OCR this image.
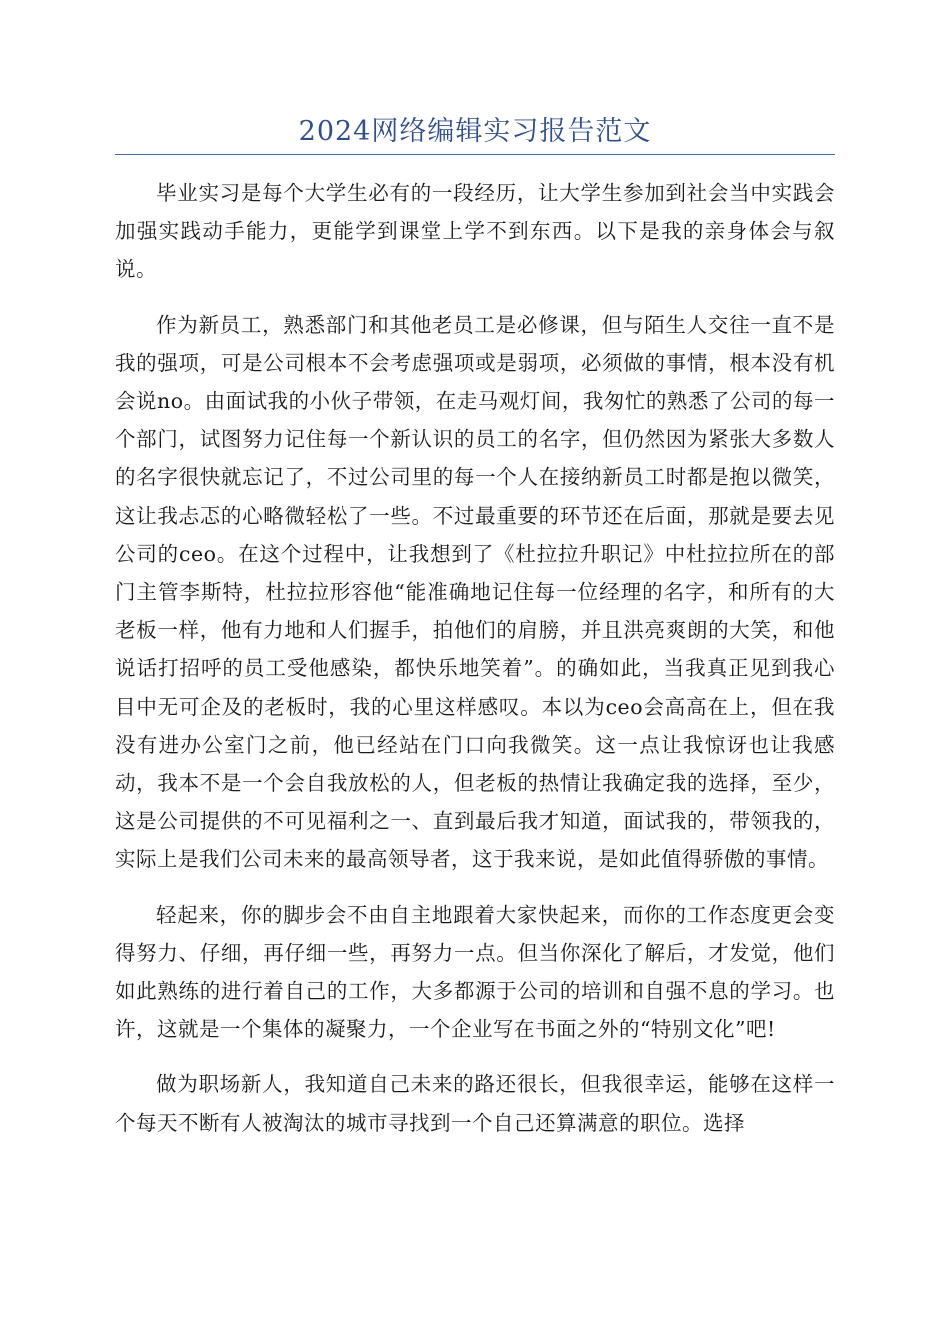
2024网络编辑实习报告范文

毕业实习是每个大学生必有的一段经历，让大学生参加到社会当中实践会加强实践动手能力，更能学到课堂上学不到东西。以下是我的亲身体会与叙说。

作为新员工，熟悉部门和其他老员工是必修课，但与陌生人交往一直不是我的强项，可是公司根本不会考虑强项或是弱项，必须做的事情，根本没有机会说no。由面试我的小伙子带领，在走马观灯间，我匆忙的熟悉了公司的每一个部门，试图努力记住每一个新认识的员工的名字，但仍然因为紧张大多数人的名字很快就忘记了，不过公司里的每一个人在接纳新员工时都是抱以微笑，这让我忐忑的心略微轻松了一些。不过最重要的环节还在后面，那就是要去见公司的ceo。在这个过程中，让我想到了《杜拉拉升职记》中杜拉拉所在的部门主管李斯特，杜拉拉形容他“能准确地记住每一位经理的名字，和所有的大老板一样，他有力地和人们握手，拍他们的肩膀，并且洪亮爽朗的大笑，和他说话打招呼的员工受他感染，都快乐地笑着”。的确如此，当我真正见到我心目中无可企及的老板时，我的心里这样感叹。本以为ceo会高高在上，但在我没有进办公室门之前，他已经站在门口向我微笑。这一点让我惊讶也让我感动，我本不是一个会自我放松的人，但老板的热情让我确定我的选择，至少，这是公司提供的不可见福利之一、直到最后我才知道，面试我的，带领我的，实际上是我们公司未来的最高领导者，这于我来说，是如此值得骄傲的事情。

轻起来，你的脚步会不由自主地跟着大家快起来，而你的工作态度更会变得努力、仔细，再仔细一些，再努力一点。但当你深化了解后，才发觉，他们如此熟练的进行着自己的工作，大多都源于公司的培训和自强不息的学习。也许，这就是一个集体的凝聚力，一个企业写在书面之外的“特别文化”吧!

做为职场新人，我知道自己未来的路还很长，但我很幸运，能够在这样一个每天不断有人被淘汰的城市寻找到一个自己还算满意的职位。选择
